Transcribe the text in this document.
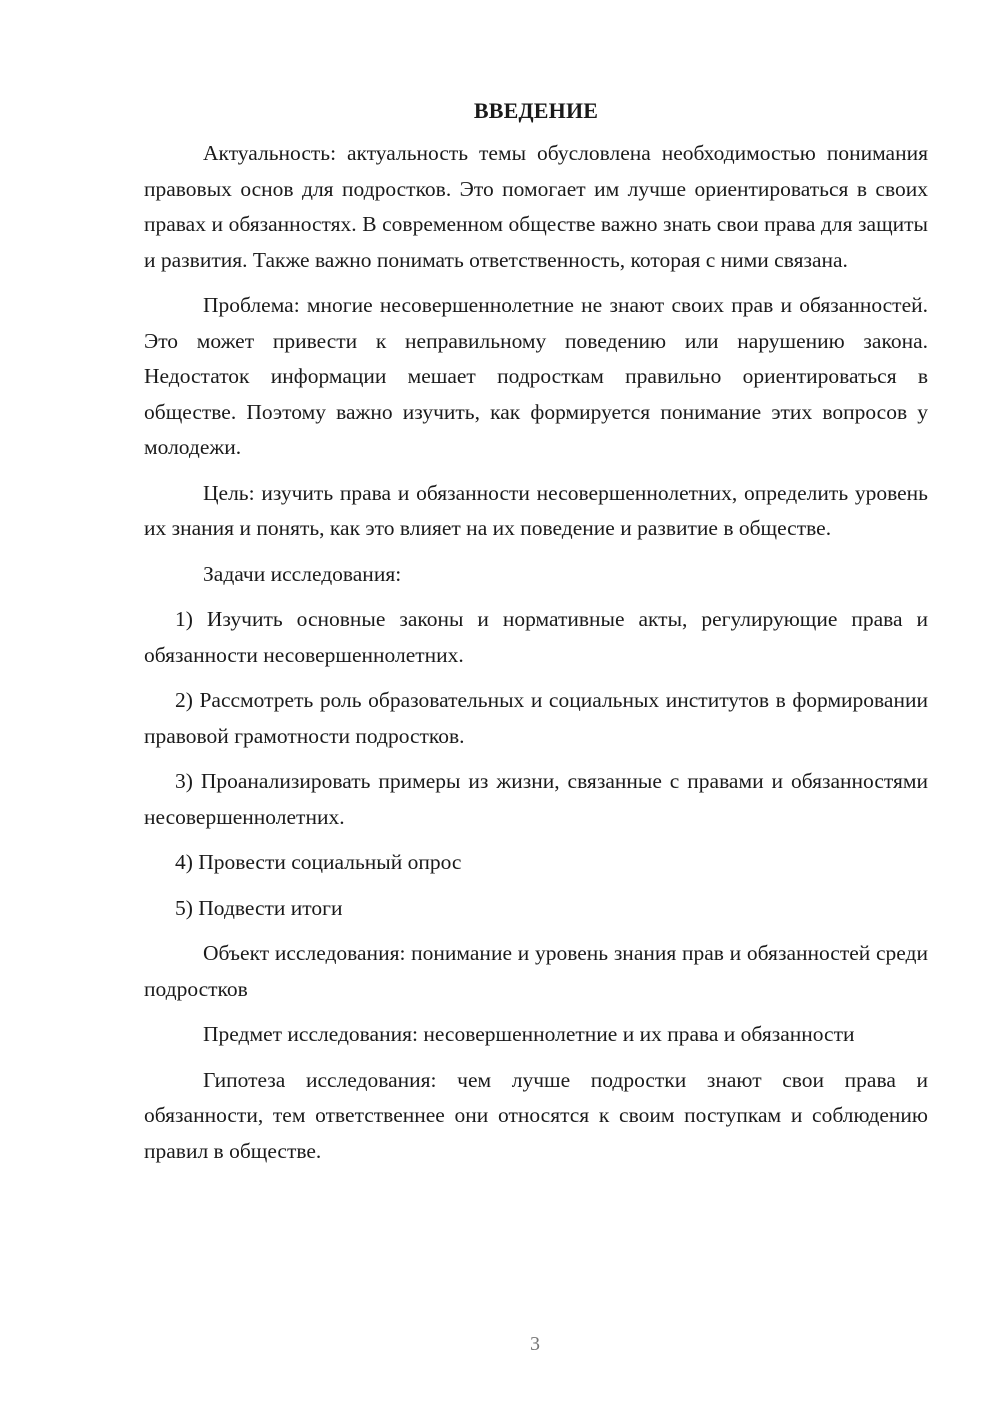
ВВЕДЕНИЕ

Актуальность: актуальность темы обусловлена необходимостью понимания правовых основ для подростков. Это помогает им лучше ориентироваться в своих правах и обязанностях. В современном обществе важно знать свои права для защиты и развития. Также важно понимать ответственность, которая с ними связана.

Проблема: многие несовершеннолетние не знают своих прав и обязанностей. Это может привести к неправильному поведению или нарушению закона. Недостаток информации мешает подросткам правильно ориентироваться в обществе. Поэтому важно изучить, как формируется понимание этих вопросов у молодежи.

Цель: изучить права и обязанности несовершеннолетних, определить уровень их знания и понять, как это влияет на их поведение и развитие в обществе.

Задачи исследования:

1) Изучить основные законы и нормативные акты, регулирующие права и обязанности несовершеннолетних.

2) Рассмотреть роль образовательных и социальных институтов в формировании правовой грамотности подростков.

3) Проанализировать примеры из жизни, связанные с правами и обязанностями несовершеннолетних.

4) Провести социальный опрос

5) Подвести итоги

Объект исследования: понимание и уровень знания прав и обязанностей среди подростков

Предмет исследования: несовершеннолетние и их права и обязанности

Гипотеза исследования: чем лучше подростки знают свои права и обязанности, тем ответственнее они относятся к своим поступкам и соблюдению правил в обществе.

3
